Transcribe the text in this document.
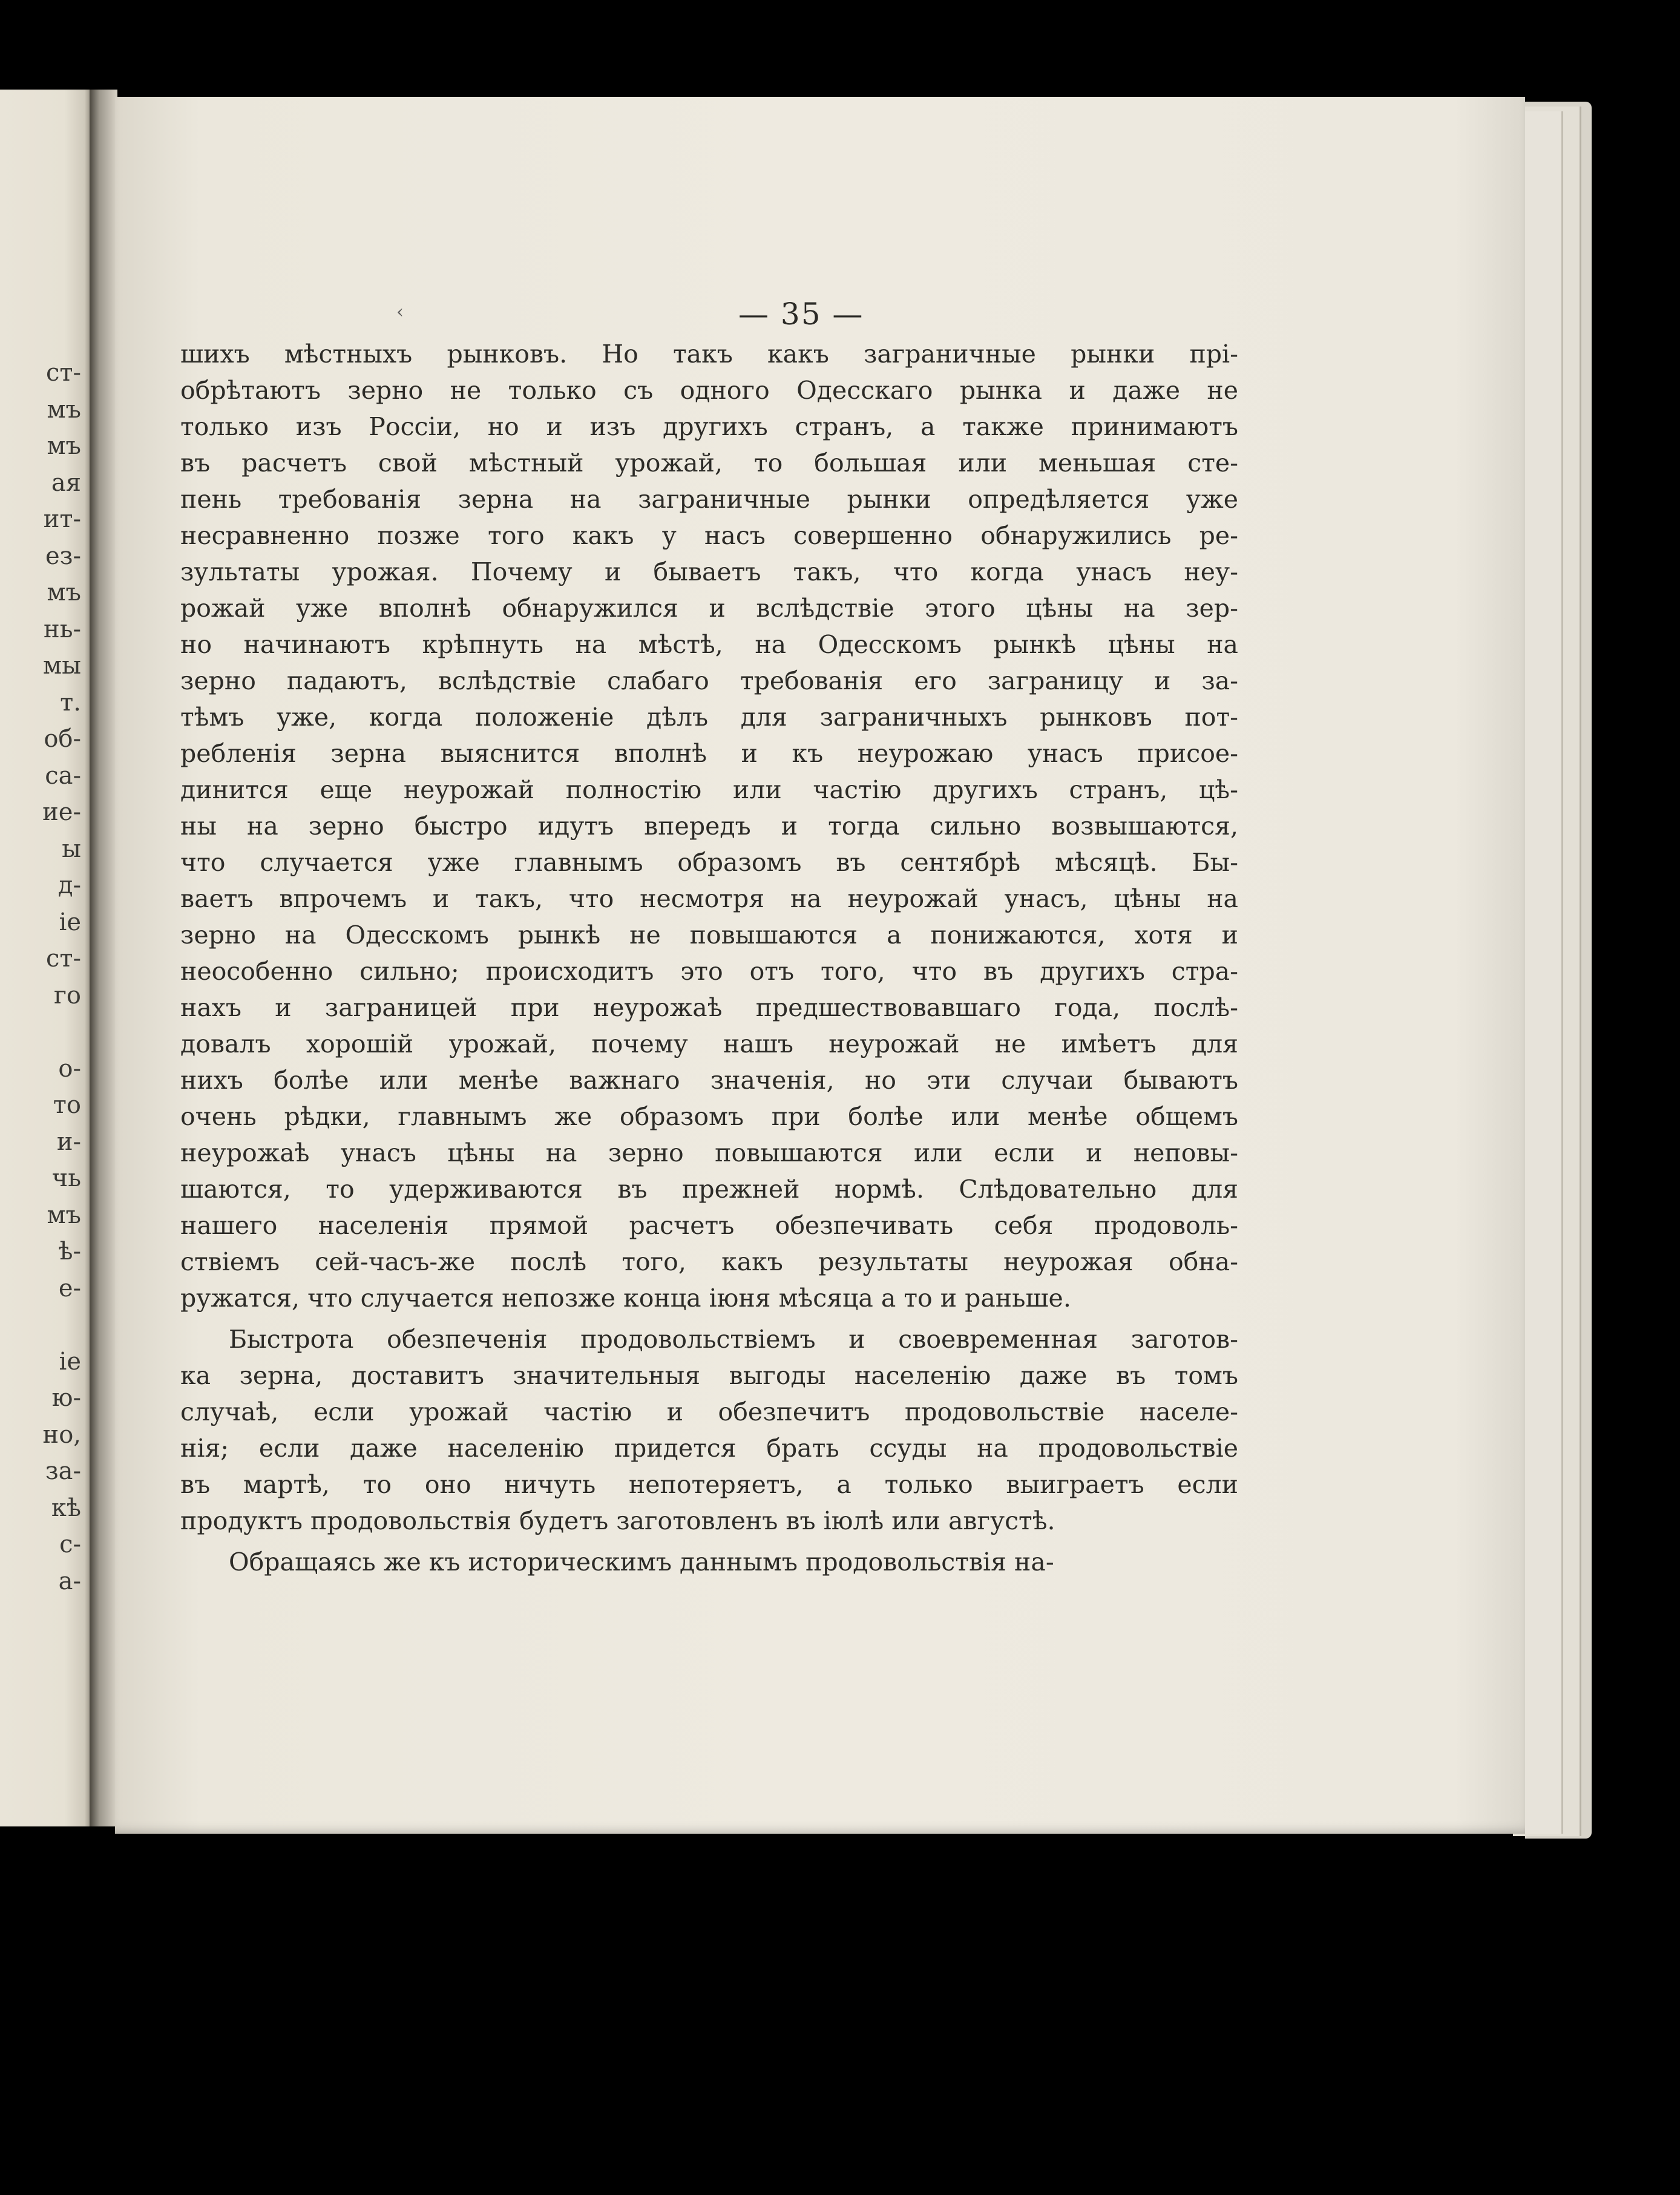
ст-
мъ
мъ
ая
ит-
ез-
мъ
нь-
мы
т.
об-
са-
ие-
ы
д-
іе
ст-
го
о-
то
и-
чь
мъ
ѣ-
е-
іе
ю-
но,
за-
кѣ
с-
а-
‹	— 35 —
шихъ мѣстныхъ рынковъ. Но такъ какъ заграничные рынки прі-
обрѣтаютъ зерно не только съ одного Одесскаго рынка и даже не
только изъ Россіи, но и изъ другихъ странъ, а также принимаютъ
въ расчетъ свой мѣстный урожай, то большая или меньшая сте-
пень требованія зерна на заграничные рынки опредѣляется уже
несравненно позже того какъ у насъ совершенно обнаружились ре-
зультаты урожая. Почему и бываетъ такъ, что когда унасъ неу-
рожай уже вполнѣ обнаружился и вслѣдствіе этого цѣны на зер-
но начинаютъ крѣпнуть на мѣстѣ, на Одесскомъ рынкѣ цѣны на
зерно падаютъ, вслѣдствіе слабаго требованія его заграницу и за-
тѣмъ уже, когда положеніе дѣлъ для заграничныхъ рынковъ пот-
ребленія зерна выяснится вполнѣ и къ неурожаю унасъ присое-
динится еще неурожай полностію или частію другихъ странъ, цѣ-
ны на зерно быстро идутъ впередъ и тогда сильно возвышаются,
что случается уже главнымъ образомъ въ сентябрѣ мѣсяцѣ. Бы-
ваетъ впрочемъ и такъ, что несмотря на неурожай унасъ, цѣны на
зерно на Одесскомъ рынкѣ не повышаются а понижаются, хотя и
неособенно сильно; происходитъ это отъ того, что въ другихъ стра-
нахъ и заграницей при неурожаѣ предшествовавшаго года, послѣ-
довалъ хорошій урожай, почему нашъ неурожай не имѣетъ для
нихъ болѣе или менѣе важнаго значенія, но эти случаи бываютъ
очень рѣдки, главнымъ же образомъ при болѣе или менѣе общемъ
неурожаѣ унасъ цѣны на зерно повышаются или если и неповы-
шаются, то удерживаются въ прежней нормѣ. Слѣдовательно для
нашего населенія прямой расчетъ обезпечивать себя продоволь-
ствіемъ сей-часъ-же послѣ того, какъ результаты неурожая обна-
ружатся, что случается непозже конца іюня мѣсяца а то и раньше.
Быстрота обезпеченія продовольствіемъ и своевременная заготов-
ка зерна, доставитъ значительныя выгоды населенію даже въ томъ
случаѣ, если урожай частію и обезпечитъ продовольствіе населе-
нія; если даже населенію придется брать ссуды на продовольствіе
въ мартѣ, то оно ничуть непотеряетъ, а только выиграетъ если
продуктъ продовольствія будетъ заготовленъ въ іюлѣ или августѣ.
Обращаясь же къ историческимъ даннымъ продовольствія на-
